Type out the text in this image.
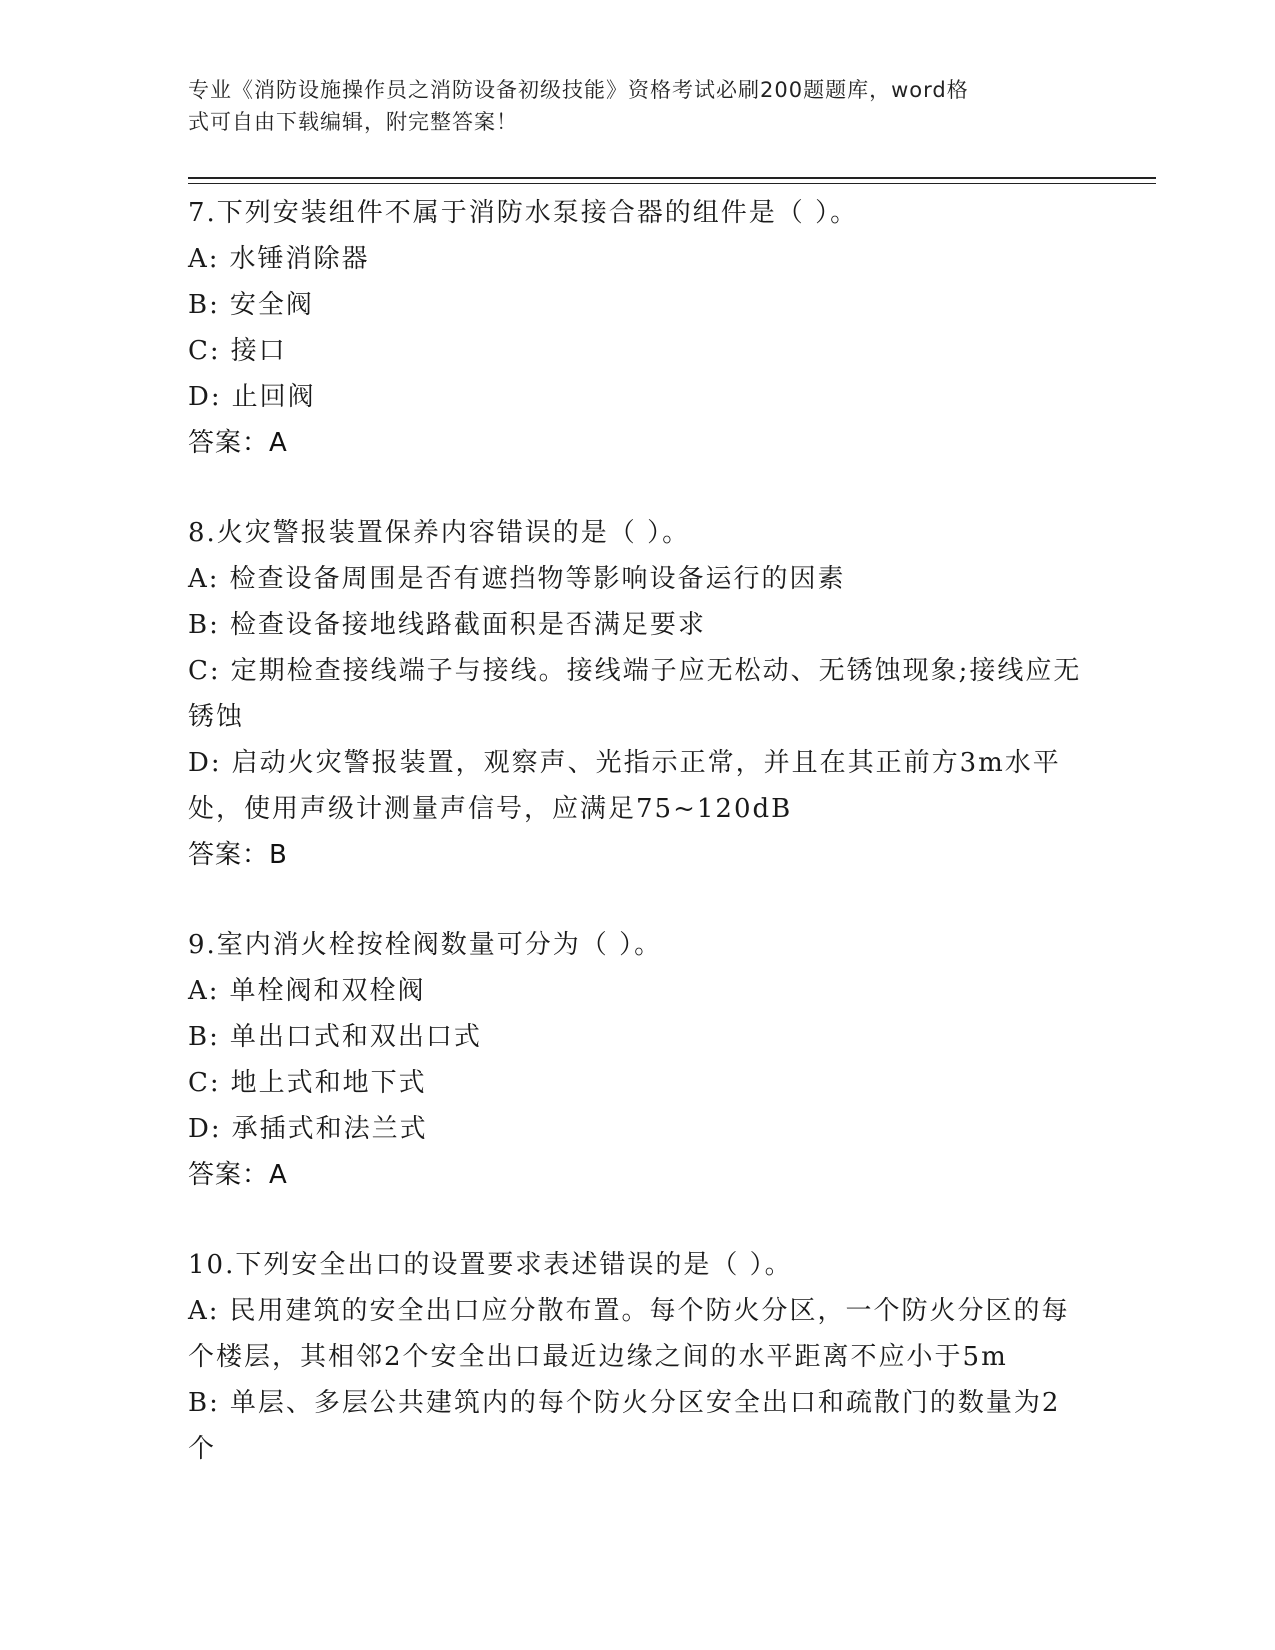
专业《消防设施操作员之消防设备初级技能》资格考试必刷200题题库，word格
式可自由下载编辑，附完整答案！
7.下列安装组件不属于消防水泵接合器的组件是（ ）。
A: 水锤消除器
B: 安全阀
C: 接口
D: 止回阀
答案：A
8.火灾警报装置保养内容错误的是（ ）。
A: 检查设备周围是否有遮挡物等影响设备运行的因素
B: 检查设备接地线路截面积是否满足要求
C: 定期检查接线端子与接线。接线端子应无松动、无锈蚀现象;接线应无锈蚀
D: 启动火灾警报装置，观察声、光指示正常，并且在其正前方3m水平处，使用声级计测量声信号，应满足75~120dB
答案：B
9.室内消火栓按栓阀数量可分为（ ）。
A: 单栓阀和双栓阀
B: 单出口式和双出口式
C: 地上式和地下式
D: 承插式和法兰式
答案：A
10.下列安全出口的设置要求表述错误的是（ ）。
A: 民用建筑的安全出口应分散布置。每个防火分区，一个防火分区的每个楼层，其相邻2个安全出口最近边缘之间的水平距离不应小于5m
B: 单层、多层公共建筑内的每个防火分区安全出口和疏散门的数量为2个
